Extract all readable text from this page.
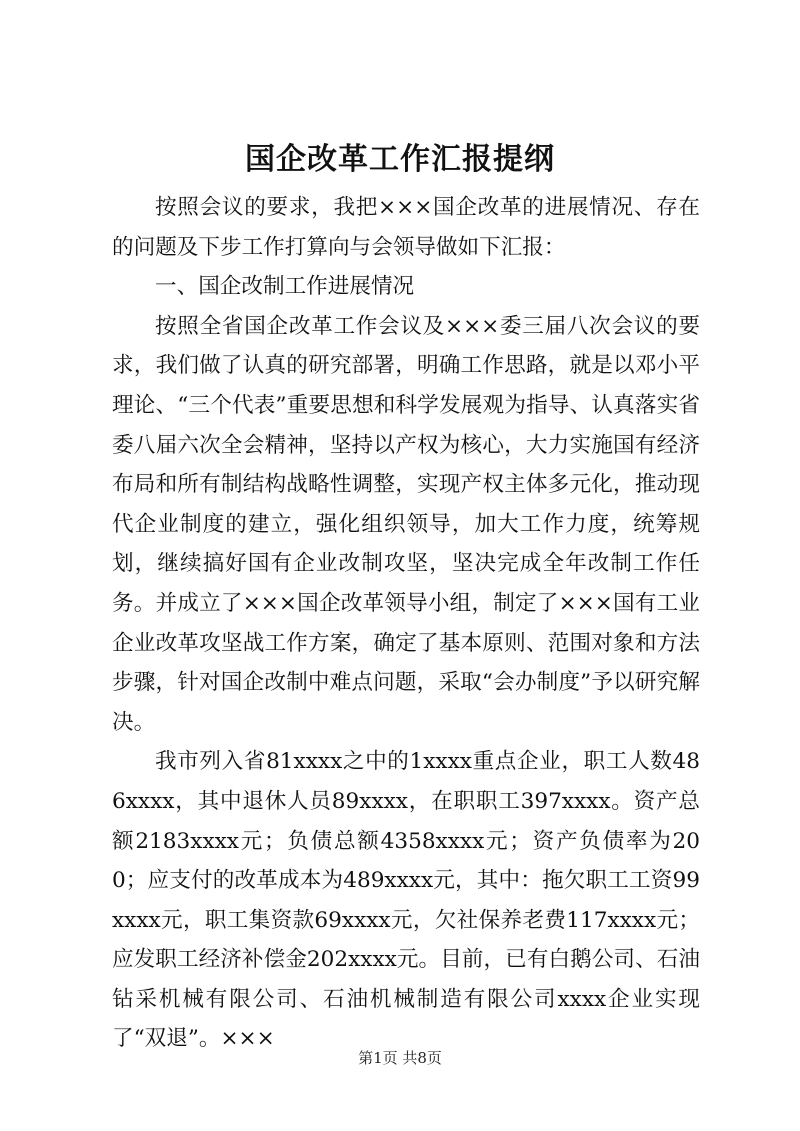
国企改革工作汇报提纲

按照会议的要求，我把×××国企改革的进展情况、存在的问题及下步工作打算向与会领导做如下汇报：

一、国企改制工作进展情况

按照全省国企改革工作会议及×××委三届八次会议的要求，我们做了认真的研究部署，明确工作思路，就是以邓小平理论、“三个代表”重要思想和科学发展观为指导、认真落实省委八届六次全会精神，坚持以产权为核心，大力实施国有经济布局和所有制结构战略性调整，实现产权主体多元化，推动现代企业制度的建立，强化组织领导，加大工作力度，统筹规划，继续搞好国有企业改制攻坚，坚决完成全年改制工作任务。并成立了×××国企改革领导小组，制定了×××国有工业企业改革攻坚战工作方案，确定了基本原则、范围对象和方法步骤，针对国企改制中难点问题，采取“会办制度”予以研究解决。

我市列入省81xxxx之中的1xxxx重点企业，职工人数486xxxx，其中退休人员89xxxx，在职职工397xxxx。资产总额2183xxxx元；负债总额4358xxxx元；资产负债率为200；应支付的改革成本为489xxxx元，其中：拖欠职工工资99xxxx元，职工集资款69xxxx元，欠社保养老费117xxxx元；应发职工经济补偿金202xxxx元。目前，已有白鹅公司、石油钻采机械有限公司、石油机械制造有限公司xxxx企业实现了“双退”。×××

第1页 共8页
